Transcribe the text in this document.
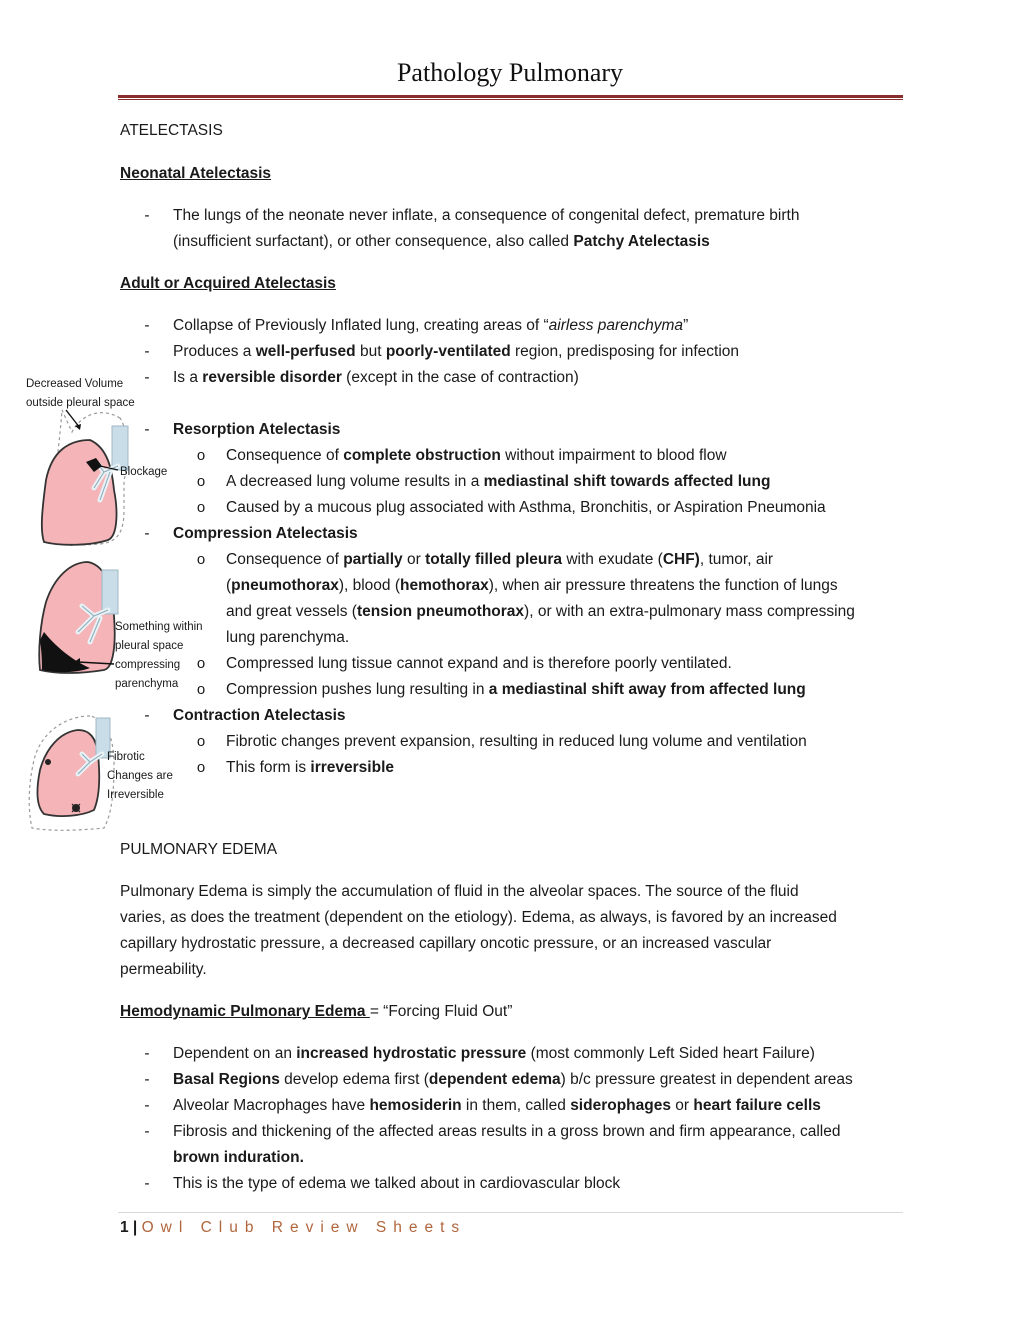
Pathology Pulmonary
ATELECTASIS
Neonatal Atelectasis
-	The lungs of the neonate never inflate, a consequence of congenital defect, premature birth
(insufficient surfactant), or other consequence, also called Patchy Atelectasis
Adult or Acquired Atelectasis
-	Collapse of Previously Inflated lung, creating areas of “airless parenchyma”
-	Produces a well-perfused but poorly-ventilated region, predisposing for infection
-	Is a reversible disorder (except in the case of contraction)
-	Resorption Atelectasis
o Consequence of complete obstruction without impairment to blood flow
o A decreased lung volume results in a mediastinal shift towards affected lung
o Caused by a mucous plug associated with Asthma, Bronchitis, or Aspiration Pneumonia
-	Compression Atelectasis
o Consequence of partially or totally filled pleura with exudate (CHF), tumor, air
(pneumothorax), blood (hemothorax), when air pressure threatens the function of lungs
and great vessels (tension pneumothorax), or with an extra-pulmonary mass compressing
lung parenchyma.
o Compressed lung tissue cannot expand and is therefore poorly ventilated.
o Compression pushes lung resulting in a mediastinal shift away from affected lung
-	Contraction Atelectasis
o Fibrotic changes prevent expansion, resulting in reduced lung volume and ventilation
o This form is irreversible
Decreased Volume
outside pleural space
Blockage
Something within
pleural space
compressing
parenchyma
Fibrotic
Changes are
Irreversible
PULMONARY EDEMA
Pulmonary Edema is simply the accumulation of fluid in the alveolar spaces. The source of the fluid
varies, as does the treatment (dependent on the etiology). Edema, as always, is favored by an increased
capillary hydrostatic pressure, a decreased capillary oncotic pressure, or an increased vascular
permeability.
Hemodynamic Pulmonary Edema = “Forcing Fluid Out”
-	Dependent on an increased hydrostatic pressure (most commonly Left Sided heart Failure)
-	Basal Regions develop edema first (dependent edema) b/c pressure greatest in dependent areas
-	Alveolar Macrophages have hemosiderin in them, called siderophages or heart failure cells
-	Fibrosis and thickening of the affected areas results in a gross brown and firm appearance, called
brown induration.
-	This is the type of edema we talked about in cardiovascular block
1 | Owl Club Review Sheets
